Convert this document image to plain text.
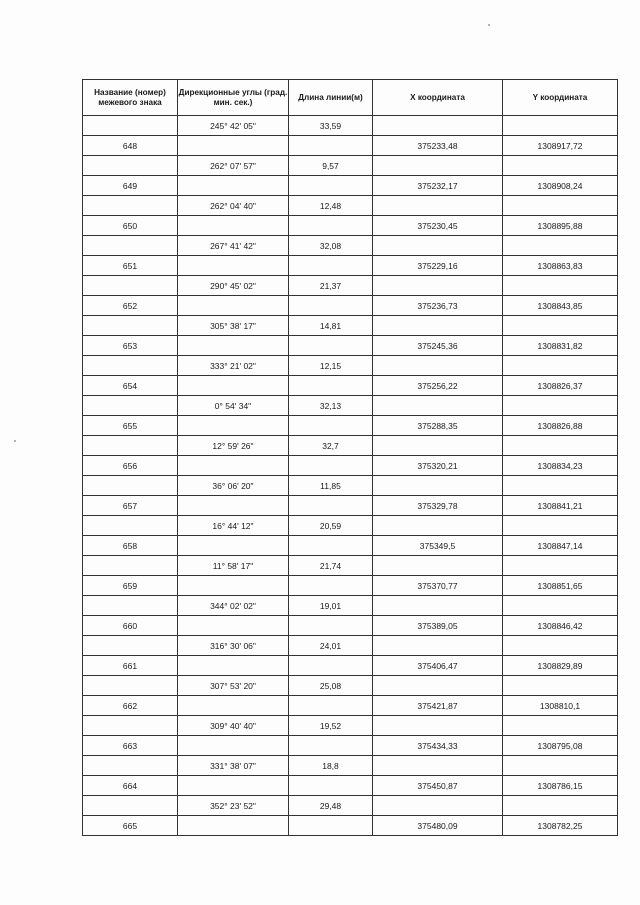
Название (номер) межевого знака	Дирекционные углы (град. мин. сек.)	Длина линии(м)	X координата	Y координата
	245° 42' 05"	33,59		
648			375233,48	1308917,72
	262° 07' 57"	9,57		
649			375232,17	1308908,24
	262° 04' 40"	12,48		
650			375230,45	1308895,88
	267° 41' 42"	32,08		
651			375229,16	1308863,83
	290° 45' 02"	21,37		
652			375236,73	1308843,85
	305° 38' 17"	14,81		
653			375245,36	1308831,82
	333° 21' 02"	12,15		
654			375256,22	1308826,37
	0° 54' 34"	32,13		
655			375288,35	1308826,88
	12° 59' 26"	32,7		
656			375320,21	1308834,23
	36° 06' 20"	11,85		
657			375329,78	1308841,21
	16° 44' 12"	20,59		
658			375349,5	1308847,14
	11° 58' 17"	21,74		
659			375370,77	1308851,65
	344° 02' 02"	19,01		
660			375389,05	1308846,42
	316° 30' 06"	24,01		
661			375406,47	1308829,89
	307° 53' 20"	25,08		
662			375421,87	1308810,1
	309° 40' 40"	19,52		
663			375434,33	1308795,08
	331° 38' 07"	18,8		
664			375450,87	1308786,15
	352° 23' 52"	29,48		
665			375480,09	1308782,25
